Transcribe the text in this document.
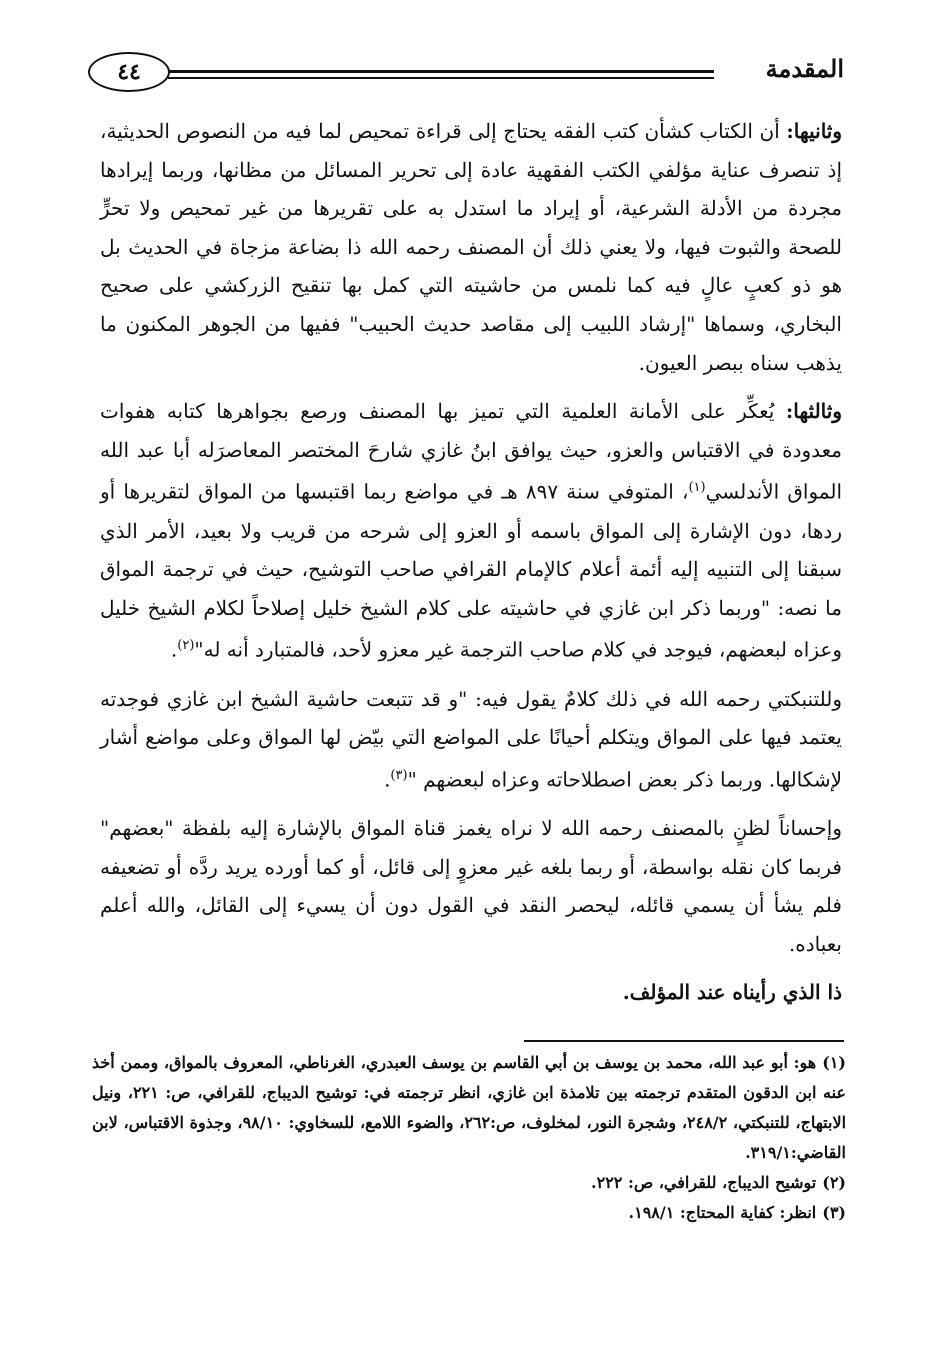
المقدمة
٤٤

وثانيها: أن الكتاب كشأن كتب الفقه يحتاج إلى قراءة تمحيص لما فيه من النصوص الحديثية، إذ تنصرف عناية مؤلفي الكتب الفقهية عادة إلى تحرير المسائل من مظانها، وربما إيرادها مجردة من الأدلة الشرعية، أو إيراد ما استدل به على تقريرها من غير تمحيص ولا تحرٍّ للصحة والثبوت فيها، ولا يعني ذلك أن المصنف رحمه الله ذا بضاعة مزجاة في الحديث بل هو ذو كعبٍ عالٍ فيه كما نلمس من حاشيته التي كمل بها تنقيح الزركشي على صحيح البخاري، وسماها "إرشاد اللبيب إلى مقاصد حديث الحبيب" ففيها من الجوهر المكنون ما يذهب سناه ببصر العيون.

وثالثها: يُعكِّر على الأمانة العلمية التي تميز بها المصنف ورصع بجواهرها كتابه هفوات معدودة في الاقتباس والعزو، حيث يوافق ابنُ غازي شارحَ المختصر المعاصرَله أبا عبد الله المواق الأندلسي$^{(١)}$، المتوفي سنة ٨٩٧ هـ في مواضع ربما اقتبسها من المواق لتقريرها أو ردها، دون الإشارة إلى المواق باسمه أو العزو إلى شرحه من قريب ولا بعيد، الأمر الذي سبقنا إلى التنبيه إليه أئمة أعلام كالإمام القرافي صاحب التوشيح، حيث في ترجمة المواق ما نصه: "وربما ذكر ابن غازي في حاشيته على كلام الشيخ خليل إصلاحاً لكلام الشيخ خليل وعزاه لبعضهم، فيوجد في كلام صاحب الترجمة غير معزو لأحد، فالمتبارد أنه له"$^{(٢)}$.

وللتنبكتي رحمه الله في ذلك كلامٌ يقول فيه: "و قد تتبعت حاشية الشيخ ابن غازي فوجدته يعتمد فيها على المواق ويتكلم أحيانًا على المواضع التي بيّض لها المواق وعلى مواضع أشار لإشكالها. وربما ذكر بعض اصطلاحاته وعزاه لبعضهم "$^{(٣)}$.

وإحساناً لظنٍ بالمصنف رحمه الله لا نراه يغمز قناة المواق بالإشارة إليه بلفظة "بعضهم" فربما كان نقله بواسطة، أو ربما بلغه غير معزوٍ إلى قائل، أو كما أورده يريد ردَّه أو تضعيفه فلم يشأ أن يسمي قائله، ليحصر النقد في القول دون أن يسيء إلى القائل، والله أعلم بعباده.

ذا الذي رأيناه عند المؤلف.

(١)هو: أبو عبد الله، محمد بن يوسف بن أبي القاسم بن يوسف العبدري، الغرناطي، المعروف بالمواق، وممن أخذ عنه ابن الدقون المتقدم ترجمته بين تلامذة ابن غازي، انظر ترجمته في: توشيح الديباج، للقرافي، ص: ٢٢١، ونيل الابتهاج، للتنبكتي، ٢٤٨/٢، وشجرة النور، لمخلوف، ص:٢٦٢، والضوء اللامع، للسخاوي: ٩٨/١٠، وجذوة الاقتباس، لابن القاضي:٣١٩/١.

(٢)توشيح الديباج، للقرافي، ص: ٢٢٢.

(٣)انظر: كفاية المحتاج: ١٩٨/١.
